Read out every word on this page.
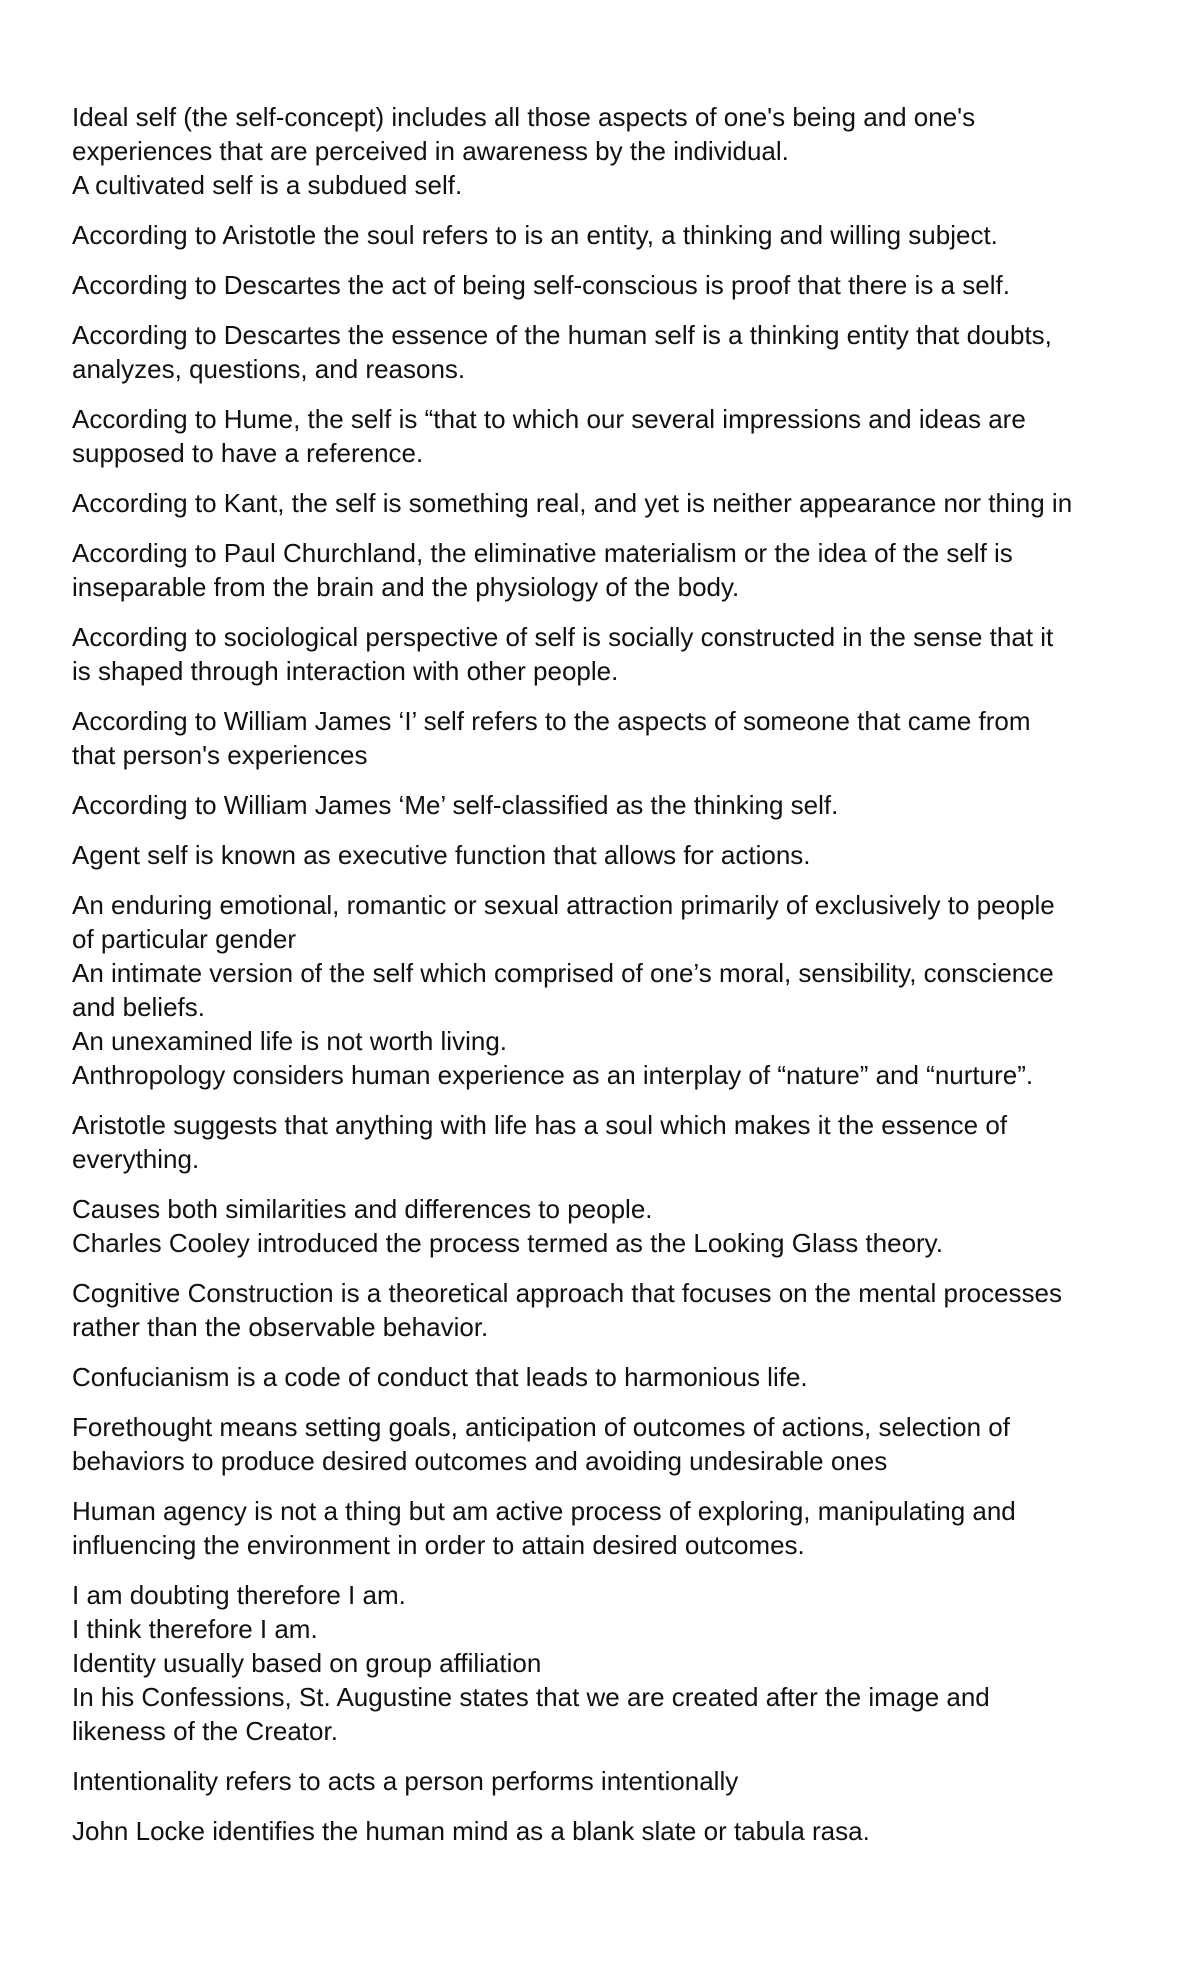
Ideal self (the self-concept) includes all those aspects of one's being and one's
experiences that are perceived in awareness by the individual.
A cultivated self is a subdued self.
According to Aristotle the soul refers to is an entity, a thinking and willing subject.
According to Descartes the act of being self-conscious is proof that there is a self.
According to Descartes the essence of the human self is a thinking entity that doubts,
analyzes, questions, and reasons.
According to Hume, the self is “that to which our several impressions and ideas are
supposed to have a reference.
According to Kant, the self is something real, and yet is neither appearance nor thing in
According to Paul Churchland, the eliminative materialism or the idea of the self is
inseparable from the brain and the physiology of the body.
According to sociological perspective of self is socially constructed in the sense that it
is shaped through interaction with other people.
According to William James ‘I’ self refers to the aspects of someone that came from
that person's experiences
According to William James ‘Me’ self-classified as the thinking self.
Agent self is known as executive function that allows for actions.
An enduring emotional, romantic or sexual attraction primarily of exclusively to people
of particular gender
An intimate version of the self which comprised of one’s moral, sensibility, conscience
and beliefs.
An unexamined life is not worth living.
Anthropology considers human experience as an interplay of “nature” and “nurture”.
Aristotle suggests that anything with life has a soul which makes it the essence of
everything.
Causes both similarities and differences to people.
Charles Cooley introduced the process termed as the Looking Glass theory.
Cognitive Construction is a theoretical approach that focuses on the mental processes
rather than the observable behavior.
Confucianism is a code of conduct that leads to harmonious life.
Forethought means setting goals, anticipation of outcomes of actions, selection of
behaviors to produce desired outcomes and avoiding undesirable ones
Human agency is not a thing but am active process of exploring, manipulating and
influencing the environment in order to attain desired outcomes.
I am doubting therefore I am.
I think therefore I am.
Identity usually based on group affiliation
In his Confessions, St. Augustine states that we are created after the image and
likeness of the Creator.
Intentionality refers to acts a person performs intentionally
John Locke identifies the human mind as a blank slate or tabula rasa.
